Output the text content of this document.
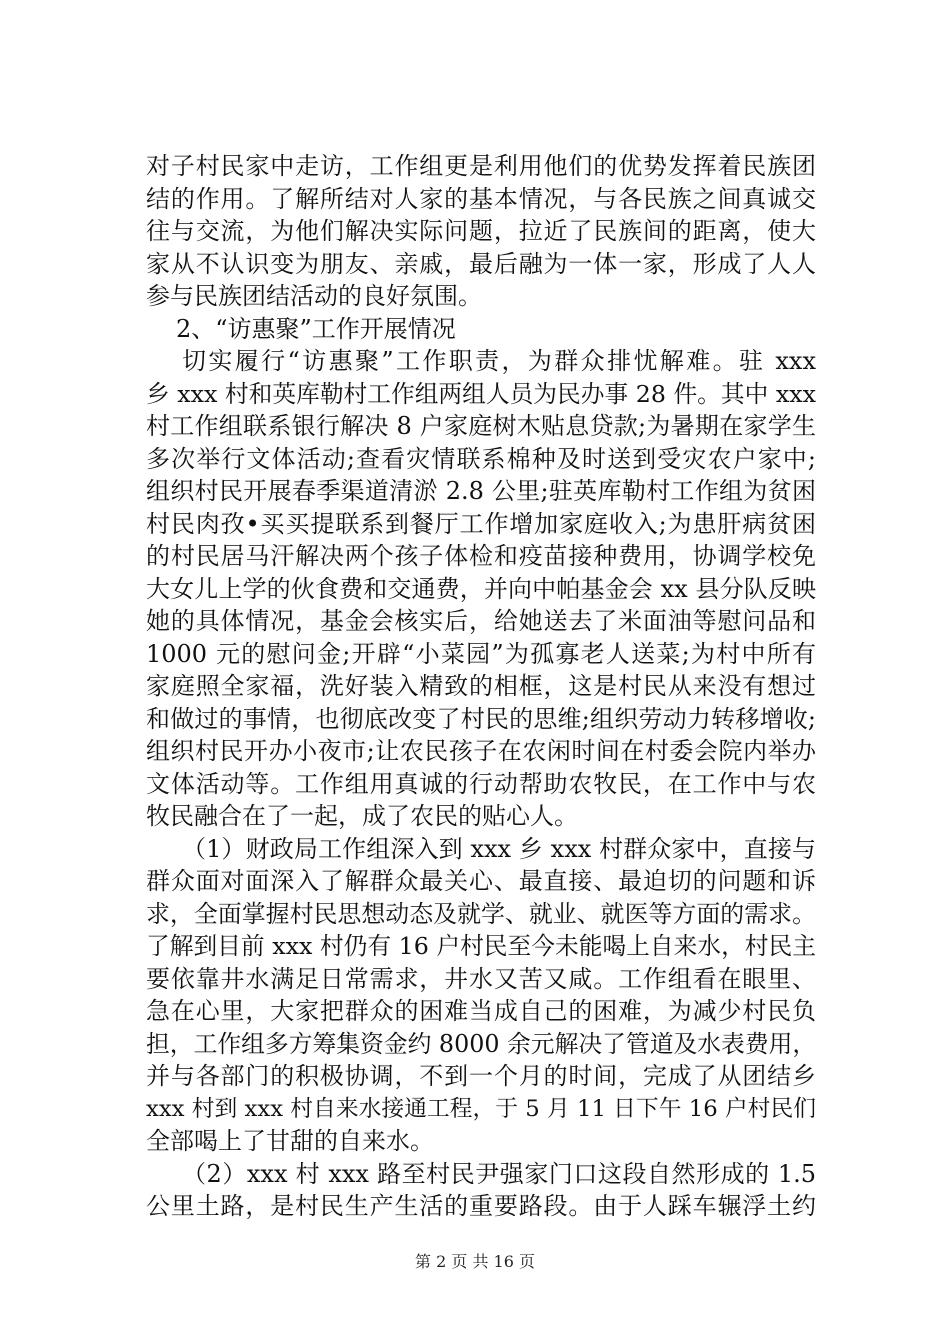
对子村民家中走访，工作组更是利用他们的优势发挥着民族团
结的作用。了解所结对人家的基本情况，与各民族之间真诚交
往与交流，为他们解决实际问题，拉近了民族间的距离，使大
家从不认识变为朋友、亲戚，最后融为一体一家，形成了人人
参与民族团结活动的良好氛围。
2、“访惠聚”工作开展情况
切实履行“访惠聚”工作职责，为群众排忧解难。驻 xxx
乡 xxx 村和英库勒村工作组两组人员为民办事 28 件。其中 xxx
村工作组联系银行解决 8 户家庭树木贴息贷款;为暑期在家学生
多次举行文体活动;查看灾情联系棉种及时送到受灾农户家中;
组织村民开展春季渠道清淤 2.8 公里;驻英库勒村工作组为贫困
村民肉孜•买买提联系到餐厅工作增加家庭收入;为患肝病贫困
的村民居马汗解决两个孩子体检和疫苗接种费用，协调学校免
大女儿上学的伙食费和交通费，并向中帕基金会 xx 县分队反映
她的具体情况，基金会核实后，给她送去了米面油等慰问品和
1000 元的慰问金;开辟“小菜园”为孤寡老人送菜;为村中所有
家庭照全家福，洗好装入精致的相框，这是村民从来没有想过
和做过的事情，也彻底改变了村民的思维;组织劳动力转移增收;
组织村民开办小夜市;让农民孩子在农闲时间在村委会院内举办
文体活动等。工作组用真诚的行动帮助农牧民，在工作中与农
牧民融合在了一起，成了农民的贴心人。
（1）财政局工作组深入到 xxx 乡 xxx 村群众家中，直接与
群众面对面深入了解群众最关心、最直接、最迫切的问题和诉
求，全面掌握村民思想动态及就学、就业、就医等方面的需求。
了解到目前 xxx 村仍有 16 户村民至今未能喝上自来水，村民主
要依靠井水满足日常需求，井水又苦又咸。工作组看在眼里、
急在心里，大家把群众的困难当成自己的困难，为减少村民负
担，工作组多方筹集资金约 8000 余元解决了管道及水表费用，
并与各部门的积极协调，不到一个月的时间，完成了从团结乡
xxx 村到 xxx 村自来水接通工程，于 5 月 11 日下午 16 户村民们
全部喝上了甘甜的自来水。
（2）xxx 村 xxx 路至村民尹强家门口这段自然形成的 1.5
公里土路，是村民生产生活的重要路段。由于人踩车辗浮土约
第 2 页 共 16 页
